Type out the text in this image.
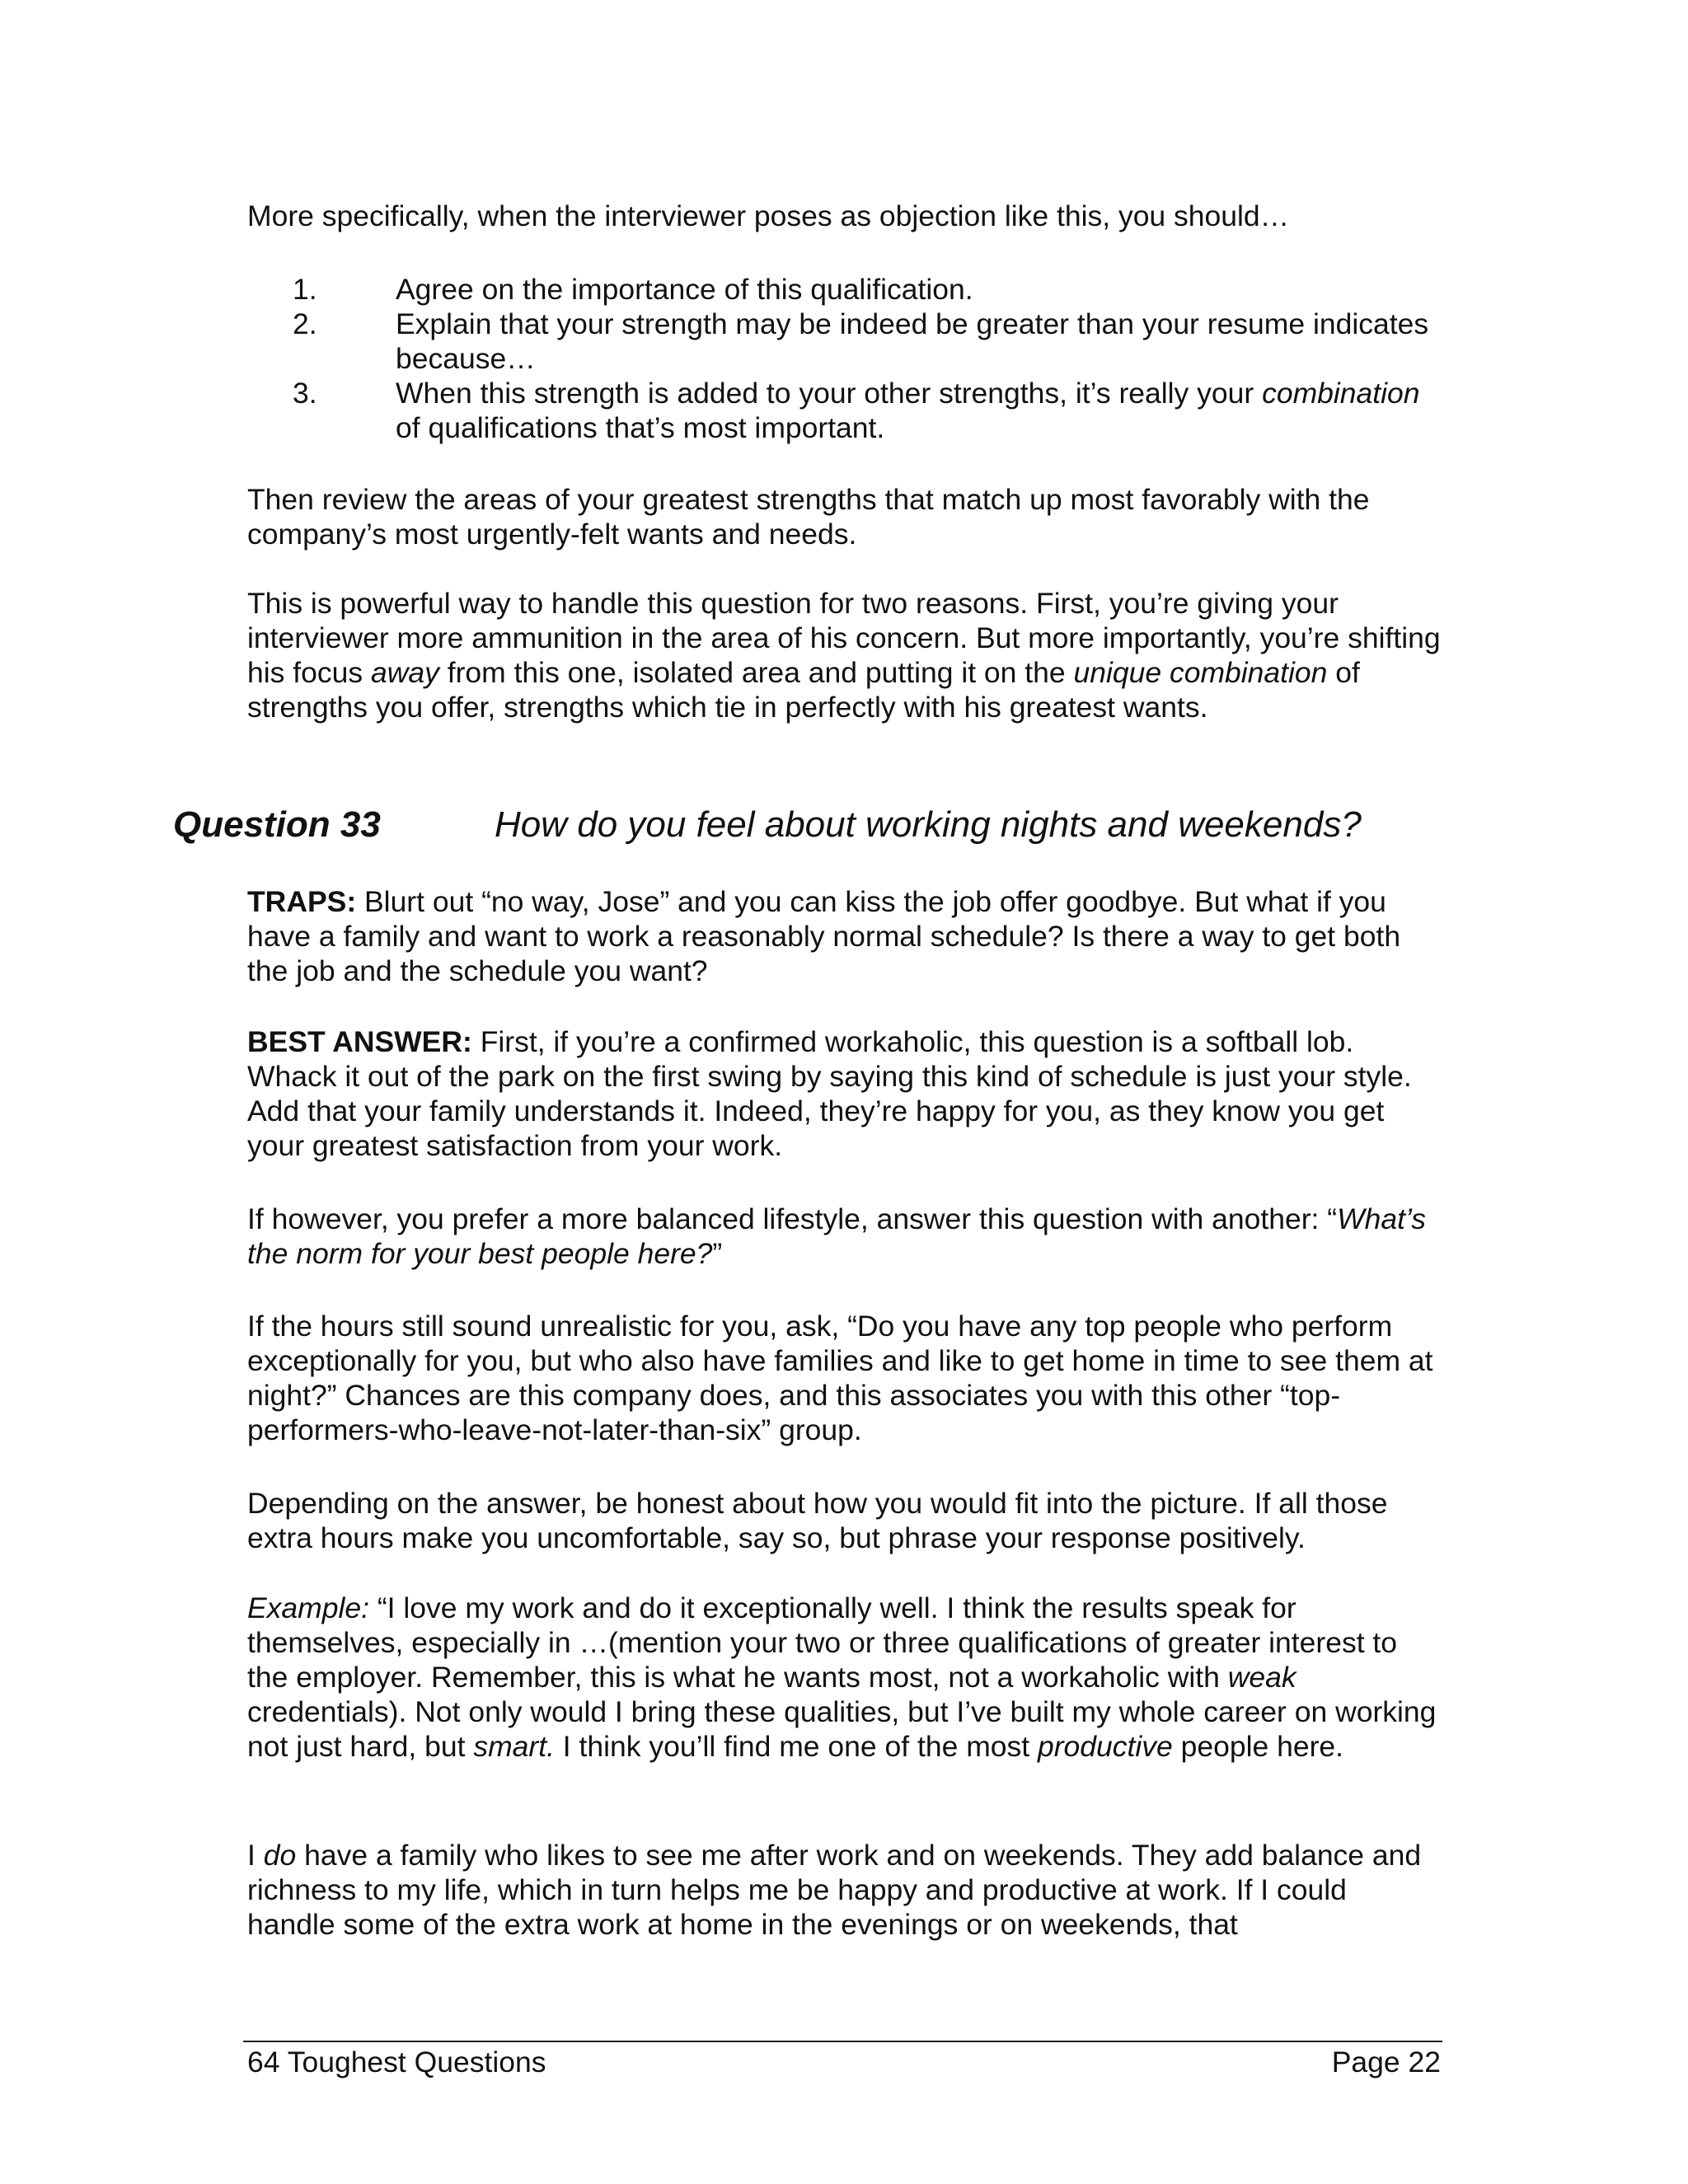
More specifically, when the interviewer poses as objection like this, you should…

1.	Agree on the importance of this qualification.
2.	Explain that your strength may be indeed be greater than your resume indicates because…
3.	When this strength is added to your other strengths, it’s really your combination of qualifications that’s most important.

Then review the areas of your greatest strengths that match up most favorably with the company’s most urgently-felt wants and needs.

This is powerful way to handle this question for two reasons. First, you’re giving your interviewer more ammunition in the area of his concern. But more importantly, you’re shifting his focus away from this one, isolated area and putting it on the unique combination of strengths you offer, strengths which tie in perfectly with his greatest wants.

Question 33	How do you feel about working nights and weekends?

TRAPS: Blurt out “no way, Jose” and you can kiss the job offer goodbye. But what if you have a family and want to work a reasonably normal schedule? Is there a way to get both the job and the schedule you want?

BEST ANSWER: First, if you’re a confirmed workaholic, this question is a softball lob. Whack it out of the park on the first swing by saying this kind of schedule is just your style. Add that your family understands it. Indeed, they’re happy for you, as they know you get your greatest satisfaction from your work.

If however, you prefer a more balanced lifestyle, answer this question with another: “What’s the norm for your best people here?”

If the hours still sound unrealistic for you, ask, “Do you have any top people who perform exceptionally for you, but who also have families and like to get home in time to see them at night?” Chances are this company does, and this associates you with this other “top-performers-who-leave-not-later-than-six” group.

Depending on the answer, be honest about how you would fit into the picture. If all those extra hours make you uncomfortable, say so, but phrase your response positively.

Example: “I love my work and do it exceptionally well. I think the results speak for themselves, especially in …(mention your two or three qualifications of greater interest to the employer. Remember, this is what he wants most, not a workaholic with weak credentials). Not only would I bring these qualities, but I’ve built my whole career on working not just hard, but smart. I think you’ll find me one of the most productive people here.

I do have a family who likes to see me after work and on weekends. They add balance and richness to my life, which in turn helps me be happy and productive at work. If I could handle some of the extra work at home in the evenings or on weekends, that

64 Toughest Questions	Page 22
